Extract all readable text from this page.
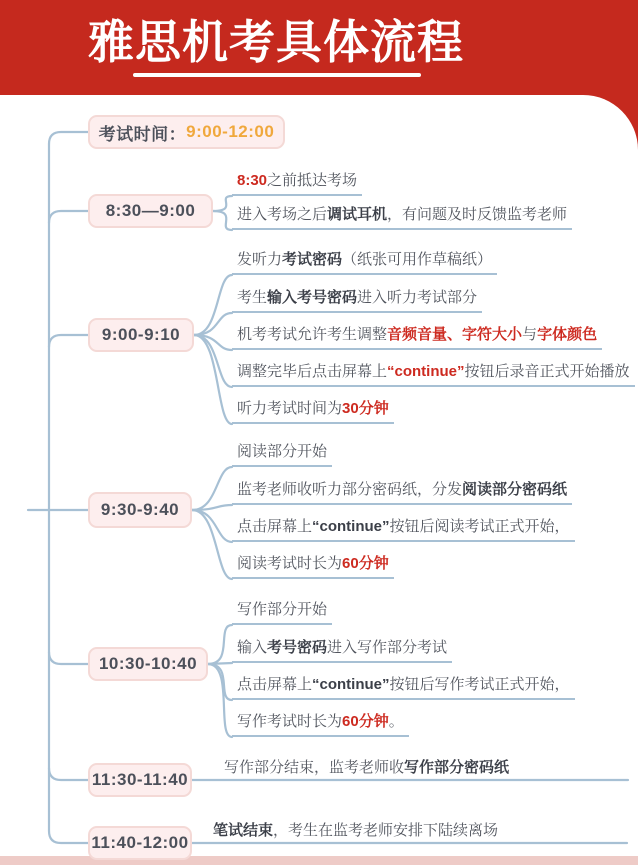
雅思机考具体流程
考试时间： 9:00-12:00
8:30—9:00
8:30之前抵达考场
进入考场之后调试耳机，有问题及时反馈监考老师
9:00-9:10
发听力考试密码（纸张可用作草稿纸）
考生输入考号密码进入听力考试部分
机考考试允许考生调整音频音量、字符大小与字体颜色
调整完毕后点击屏幕上“continue”按钮后录音正式开始播放
听力考试时间为30分钟
9:30-9:40
阅读部分开始
监考老师收听力部分密码纸，分发阅读部分密码纸
点击屏幕上“continue”按钮后阅读考试正式开始，
阅读考试时长为60分钟
10:30-10:40
写作部分开始
输入考号密码进入写作部分考试
点击屏幕上“continue”按钮后写作考试正式开始，
写作考试时长为60分钟。
11:30-11:40
写作部分结束，监考老师收写作部分密码纸
11:40-12:00
笔试结束，考生在监考老师安排下陆续离场
